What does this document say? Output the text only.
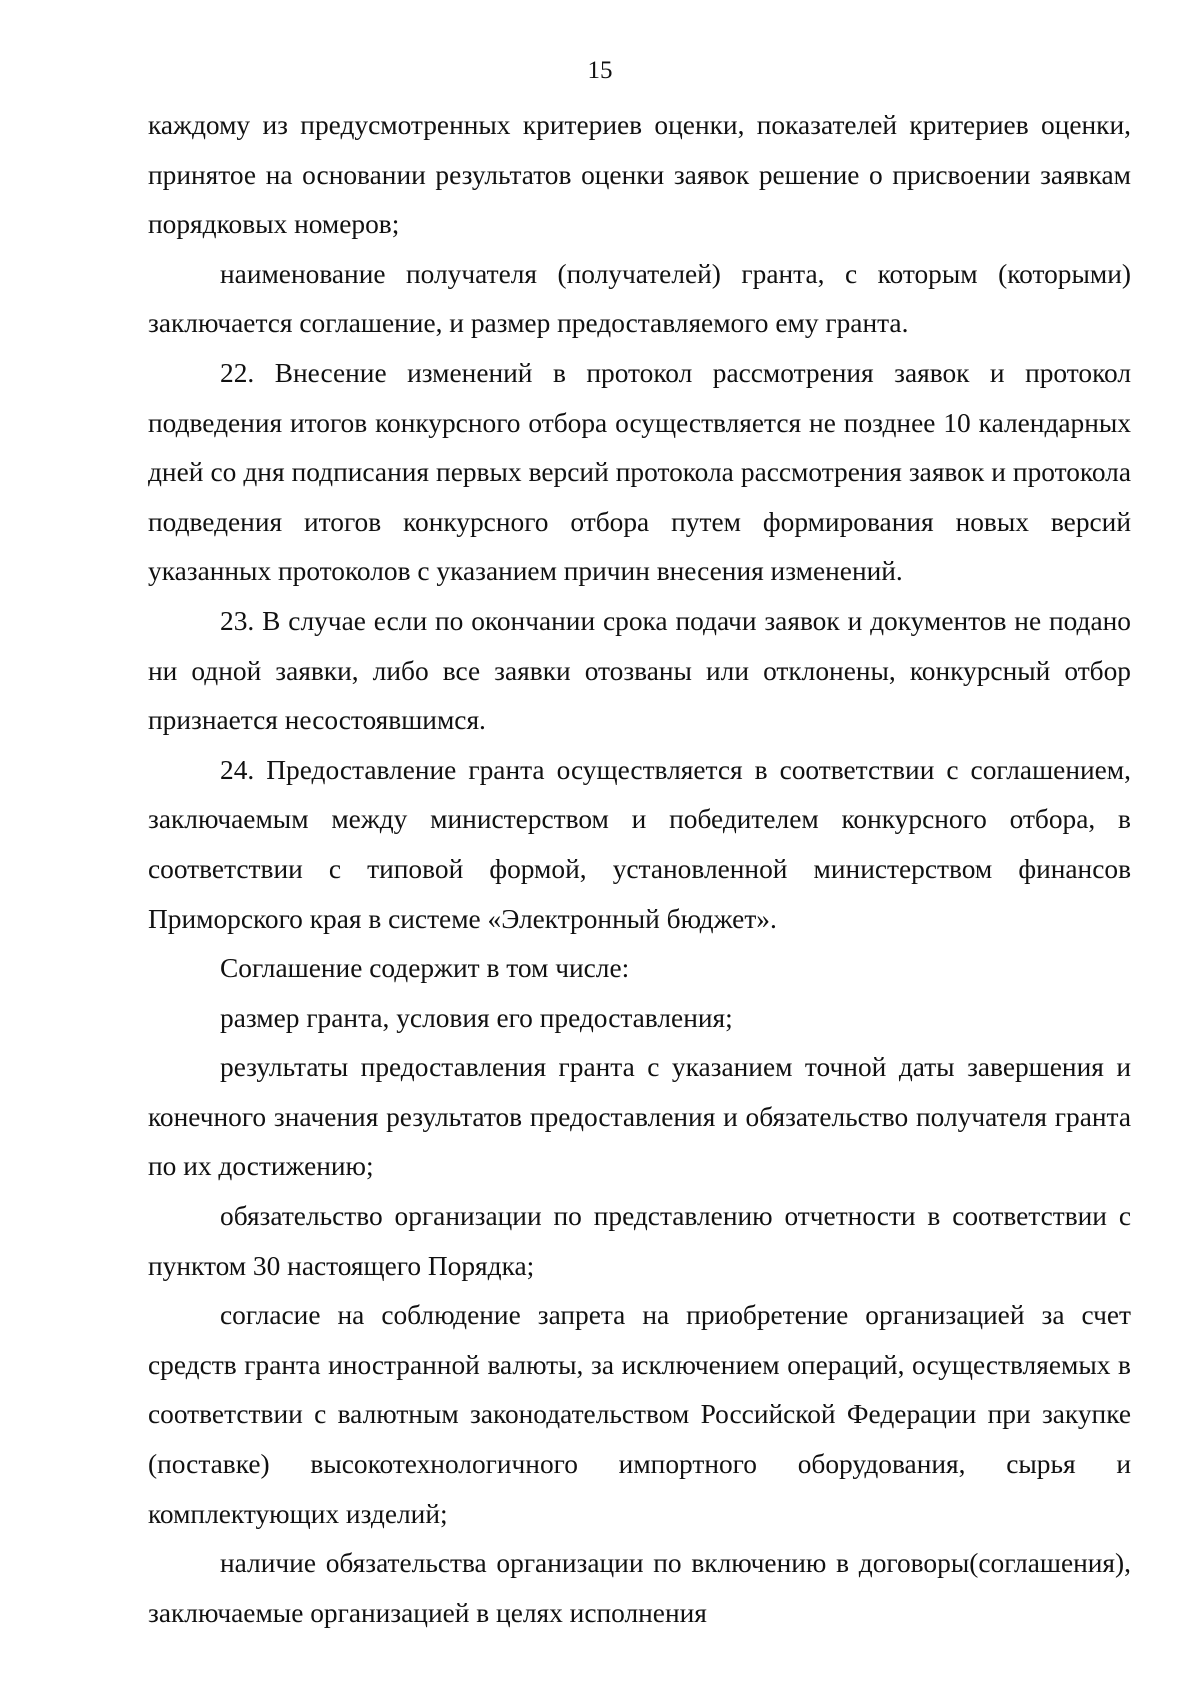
15

каждому из предусмотренных критериев оценки, показателей критериев оценки, принятое на основании результатов оценки заявок решение о присвоении заявкам порядковых номеров;

наименование получателя (получателей) гранта, с которым (которыми) заключается соглашение, и размер предоставляемого ему гранта.

22. Внесение изменений в протокол рассмотрения заявок и протокол подведения итогов конкурсного отбора осуществляется не позднее 10 календарных дней со дня подписания первых версий протокола рассмотрения заявок и протокола подведения итогов конкурсного отбора путем формирования новых версий указанных протоколов с указанием причин внесения изменений.

23. В случае если по окончании срока подачи заявок и документов не подано ни одной заявки, либо все заявки отозваны или отклонены, конкурсный отбор признается несостоявшимся.

24. Предоставление гранта осуществляется в соответствии с соглашением, заключаемым между министерством и победителем конкурсного отбора, в соответствии с типовой формой, установленной министерством финансов Приморского края в системе «Электронный бюджет».

Соглашение содержит в том числе:

размер гранта, условия его предоставления;

результаты предоставления гранта с указанием точной даты завершения и конечного значения результатов предоставления и обязательство получателя гранта по их достижению;

обязательство организации по представлению отчетности в соответствии с пунктом 30 настоящего Порядка;

согласие на соблюдение запрета на приобретение организацией за счет средств гранта иностранной валюты, за исключением операций, осуществляемых в соответствии с валютным законодательством Российской Федерации при закупке (поставке) высокотехнологичного импортного оборудования, сырья и комплектующих изделий;

наличие обязательства организации по включению в договоры(соглашения), заключаемые организацией в целях исполнения
